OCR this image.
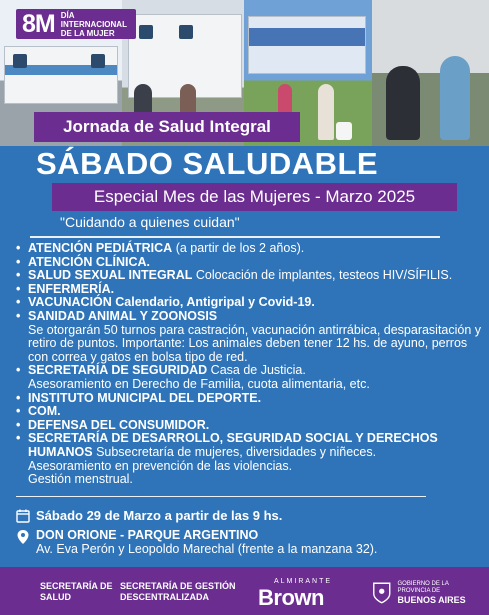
8M DÍA INTERNACIONAL DE LA MUJER
Jornada de Salud Integral
SÁBADO SALUDABLE
Especial Mes de las Mujeres - Marzo 2025
"Cuidando a quienes cuidan"
• ATENCIÓN PEDIÁTRICA (a partir de los 2 años).
• ATENCIÓN CLÍNICA.
• SALUD SEXUAL INTEGRAL Colocación de implantes, testeos HIV/SÍFILIS.
• ENFERMERÍA.
• VACUNACIÓN Calendario, Antigripal y Covid-19.
• SANIDAD ANIMAL Y ZOONOSIS
Se otorgarán 50 turnos para castración, vacunación antirrábica, desparasitación y retiro de puntos. Importante: Los animales deben tener 12 hs. de ayuno, perros con correa y gatos en bolsa tipo de red.
• SECRETARÍA DE SEGURIDAD Casa de Justicia.
Asesoramiento en Derecho de Familia, cuota alimentaria, etc.
• INSTITUTO MUNICIPAL DEL DEPORTE.
• COM.
• DEFENSA DEL CONSUMIDOR.
• SECRETARÍA DE DESARROLLO, SEGURIDAD SOCIAL Y DERECHOS HUMANOS Subsecretaría de mujeres, diversidades y niñeces.
Asesoramiento en prevención de las violencias.
Gestión menstrual.
Sábado 29 de Marzo a partir de las 9 hs.
DON ORIONE - PARQUE ARGENTINO
Av. Eva Perón y Leopoldo Marechal (frente a la manzana 32).
SECRETARÍA DE SALUD
SECRETARÍA DE GESTIÓN DESCENTRALIZADA
ALMIRANTE
Brown
GOBIERNO DE LA PROVINCIA DE
BUENOS AIRES
